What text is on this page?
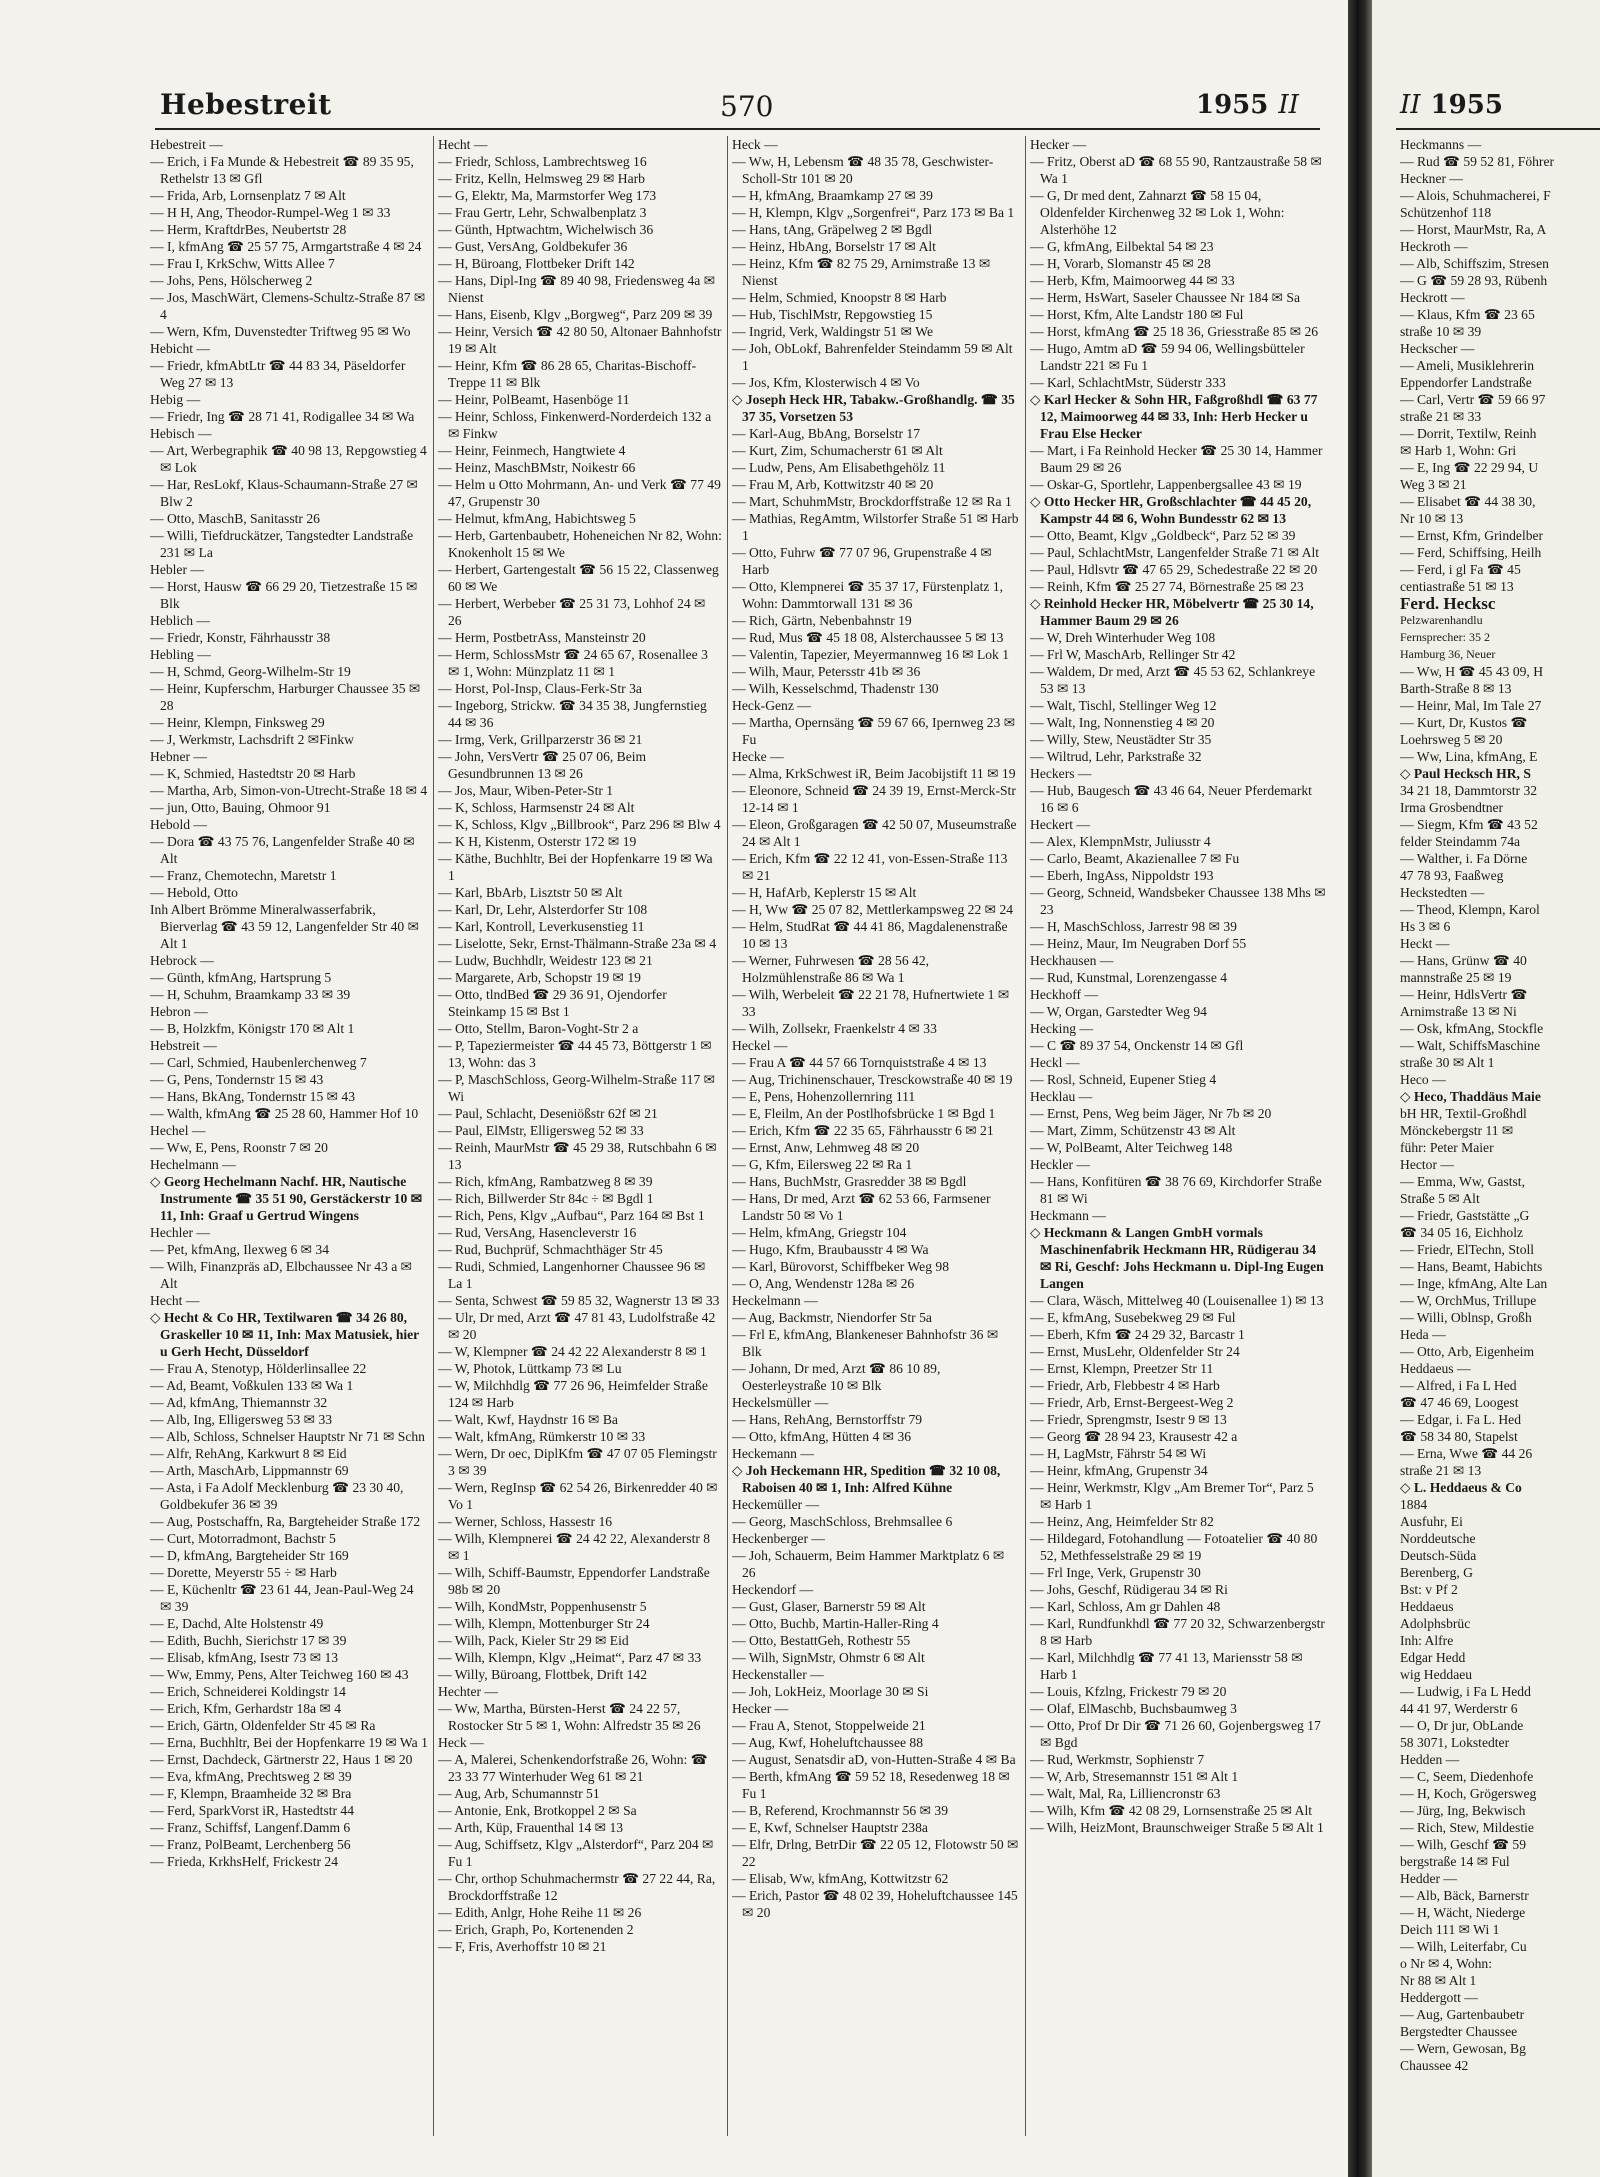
Hebestreit	570	1955 II

Hebestreit —

— Erich, i Fa Munde & Hebestreit ☎ 89 35 95, Rethelstr 13 ✉ Gfl

— Frida, Arb, Lornsenplatz 7 ✉ Alt

— H H, Ang, Theodor-Rumpel-Weg 1 ✉ 33

— Herm, KraftdrBes, Neubertstr 28

— I, kfmAng ☎ 25 57 75, Armgartstraße 4 ✉ 24

— Frau I, KrkSchw, Witts Allee 7

— Johs, Pens, Hölscherweg 2

— Jos, MaschWärt, Clemens-Schultz-Straße 87 ✉ 4

— Wern, Kfm, Duvenstedter Triftweg 95 ✉ Wo

Hebicht —

— Friedr, kfmAbtLtr ☎ 44 83 34, Päseldorfer Weg 27 ✉ 13

Hebig —

— Friedr, Ing ☎ 28 71 41, Rodigallee 34 ✉ Wa

Hebisch —

— Art, Werbegraphik ☎ 40 98 13, Repgowstieg 4 ✉ Lok

— Har, ResLokf, Klaus-Schaumann-Straße 27 ✉ Blw 2

— Otto, MaschB, Sanitasstr 26

— Willi, Tiefdruckätzer, Tangstedter Landstraße 231 ✉ La

Hebler —

— Horst, Hausw ☎ 66 29 20, Tietzestraße 15 ✉ Blk

Heblich —

— Friedr, Konstr, Fährhausstr 38

Hebling —

— H, Schmd, Georg-Wilhelm-Str 19

— Heinr, Kupferschm, Harburger Chaussee 35 ✉ 28

— Heinr, Klempn, Finksweg 29

— J, Werkmstr, Lachsdrift 2 ✉Finkw

Hebner —

— K, Schmied, Hastedtstr 20 ✉ Harb

— Martha, Arb, Simon-von-Utrecht-Straße 18 ✉ 4

— jun, Otto, Bauing, Ohmoor 91

Hebold —

— Dora ☎ 43 75 76, Langenfelder Straße 40 ✉ Alt

— Franz, Chemotechn, Maretstr 1

— Hebold, Otto

Inh Albert Brömme Mineralwasserfabrik, Bierverlag ☎ 43 59 12, Langenfelder Str 40 ✉ Alt 1

Hebrock —

— Günth, kfmAng, Hartsprung 5

— H, Schuhm, Braamkamp 33 ✉ 39

Hebron —

— B, Holzkfm, Königstr 170 ✉ Alt 1

Hebstreit —

— Carl, Schmied, Haubenlerchenweg 7

— G, Pens, Tondernstr 15 ✉ 43

— Hans, BkAng, Tondernstr 15 ✉ 43

— Walth, kfmAng ☎ 25 28 60, Hammer Hof 10

Hechel —

— Ww, E, Pens, Roonstr 7 ✉ 20

Hechelmann —

◇ Georg Hechelmann Nachf. HR, Nautische Instrumente ☎ 35 51 90, Gerstäckerstr 10 ✉ 11, Inh: Graaf u Gertrud Wingens

Hechler —

— Pet, kfmAng, Ilexweg 6 ✉ 34

— Wilh, Finanzpräs aD, Elbchaussee Nr 43 a ✉ Alt

Hecht —

◇ Hecht & Co HR, Textilwaren ☎ 34 26 80, Graskeller 10 ✉ 11, Inh: Max Matusiek, hier u Gerh Hecht, Düsseldorf

— Frau A, Stenotyp, Hölderlinsallee 22

— Ad, Beamt, Voßkulen 133 ✉ Wa 1

— Ad, kfmAng, Thiemannstr 32

— Alb, Ing, Elligersweg 53 ✉ 33

— Alb, Schloss, Schnelser Hauptstr Nr 71 ✉ Schn

— Alfr, RehAng, Karkwurt 8 ✉ Eid

— Arth, MaschArb, Lippmannstr 69

— Asta, i Fa Adolf Mecklenburg ☎ 23 30 40, Goldbekufer 36 ✉ 39

— Aug, Postschaffn, Ra, Bargteheider Straße 172

— Curt, Motorradmont, Bachstr 5

— D, kfmAng, Bargteheider Str 169

— Dorette, Meyerstr 55 ÷ ✉ Harb

— E, Küchenltr ☎ 23 61 44, Jean-Paul-Weg 24 ✉ 39

— E, Dachd, Alte Holstenstr 49

— Edith, Buchh, Sierichstr 17 ✉ 39

— Elisab, kfmAng, Isestr 73 ✉ 13

— Ww, Emmy, Pens, Alter Teichweg 160 ✉ 43

— Erich, Schneiderei Koldingstr 14

— Erich, Kfm, Gerhardstr 18a ✉ 4

— Erich, Gärtn, Oldenfelder Str 45 ✉ Ra

— Erna, Buchhltr, Bei der Hopfenkarre 19 ✉ Wa 1

— Ernst, Dachdeck, Gärtnerstr 22, Haus 1 ✉ 20

— Eva, kfmAng, Prechtsweg 2 ✉ 39

— F, Klempn, Braamheide 32 ✉ Bra

— Ferd, SparkVorst iR, Hastedtstr 44

— Franz, Schiffsf, Langenf.Damm 6

— Franz, PolBeamt, Lerchenberg 56

— Frieda, KrkhsHelf, Frickestr 24

Hecht —

— Friedr, Schloss, Lambrechtsweg 16

— Fritz, Kelln, Helmsweg 29 ✉ Harb

— G, Elektr, Ma, Marmstorfer Weg 173

— Frau Gertr, Lehr, Schwalbenplatz 3

— Günth, Hptwachtm, Wichelwisch 36

— Gust, VersAng, Goldbekufer 36

— H, Büroang, Flottbeker Drift 142

— Hans, Dipl-Ing ☎ 89 40 98, Friedensweg 4a ✉ Nienst

— Hans, Eisenb, Klgv „Borgweg“, Parz 209 ✉ 39

— Heinr, Versich ☎ 42 80 50, Altonaer Bahnhofstr 19 ✉ Alt

— Heinr, Kfm ☎ 86 28 65, Charitas-Bischoff-Treppe 11 ✉ Blk

— Heinr, PolBeamt, Hasenböge 11

— Heinr, Schloss, Finkenwerd-Norderdeich 132 a ✉ Finkw

— Heinr, Feinmech, Hangtwiete 4

— Heinz, MaschBMstr, Noikestr 66

— Helm u Otto Mohrmann, An- und Verk ☎ 77 49 47, Grupenstr 30

— Helmut, kfmAng, Habichtsweg 5

— Herb, Gartenbaubetr, Hoheneichen Nr 82, Wohn: Knokenholt 15 ✉ We

— Herbert, Gartengestalt ☎ 56 15 22, Classenweg 60 ✉ We

— Herbert, Werbeber ☎ 25 31 73, Lohhof 24 ✉ 26

— Herm, PostbetrAss, Mansteinstr 20

— Herm, SchlossMstr ☎ 24 65 67, Rosenallee 3 ✉ 1, Wohn: Münzplatz 11 ✉ 1

— Horst, Pol-Insp, Claus-Ferk-Str 3a

— Ingeborg, Strickw. ☎ 34 35 38, Jungfernstieg 44 ✉ 36

— Irmg, Verk, Grillparzerstr 36 ✉ 21

— John, VersVertr ☎ 25 07 06, Beim Gesundbrunnen 13 ✉ 26

— Jos, Maur, Wiben-Peter-Str 1

— K, Schloss, Harmsenstr 24 ✉ Alt

— K, Schloss, Klgv „Billbrook“, Parz 296 ✉ Blw 4

— K H, Kistenm, Osterstr 172 ✉ 19

— Käthe, Buchhltr, Bei der Hopfenkarre 19 ✉ Wa 1

— Karl, BbArb, Lisztstr 50 ✉ Alt

— Karl, Dr, Lehr, Alsterdorfer Str 108

— Karl, Kontroll, Leverkusenstieg 11

— Liselotte, Sekr, Ernst-Thälmann-Straße 23a ✉ 4

— Ludw, Buchhdlr, Weidestr 123 ✉ 21

— Margarete, Arb, Schopstr 19 ✉ 19

— Otto, tlndBed ☎ 29 36 91, Ojendorfer Steinkamp 15 ✉ Bst 1

— Otto, Stellm, Baron-Voght-Str 2 a

— P, Tapeziermeister ☎ 44 45 73, Böttgerstr 1 ✉ 13, Wohn: das 3

— P, MaschSchloss, Georg-Wilhelm-Straße 117 ✉ Wi

— Paul, Schlacht, Deseniößstr 62f ✉ 21

— Paul, ElMstr, Elligersweg 52 ✉ 33

— Reinh, MaurMstr ☎ 45 29 38, Rutschbahn 6 ✉ 13

— Rich, kfmAng, Rambatzweg 8 ✉ 39

— Rich, Billwerder Str 84c ÷ ✉ Bgdl 1

— Rich, Pens, Klgv „Aufbau“, Parz 164 ✉ Bst 1

— Rud, VersAng, Hasencleverstr 16

— Rud, Buchprüf, Schmachthäger Str 45

— Rudi, Schmied, Langenhorner Chaussee 96 ✉ La 1

— Senta, Schwest ☎ 59 85 32, Wagnerstr 13 ✉ 33

— Ulr, Dr med, Arzt ☎ 47 81 43, Ludolfstraße 42 ✉ 20

— W, Klempner ☎ 24 42 22 Alexanderstr 8 ✉ 1

— W, Photok, Lüttkamp 73 ✉ Lu

— W, Milchhdlg ☎ 77 26 96, Heimfelder Straße 124 ✉ Harb

— Walt, Kwf, Haydnstr 16 ✉ Ba

— Walt, kfmAng, Rümkerstr 10 ✉ 33

— Wern, Dr oec, DiplKfm ☎ 47 07 05 Flemingstr 3 ✉ 39

— Wern, RegInsp ☎ 62 54 26, Birkenredder 40 ✉ Vo 1

— Werner, Schloss, Hassestr 16

— Wilh, Klempnerei ☎ 24 42 22, Alexanderstr 8 ✉ 1

— Wilh, Schiff-Baumstr, Eppendorfer Landstraße 98b ✉ 20

— Wilh, KondMstr, Poppenhusenstr 5

— Wilh, Klempn, Mottenburger Str 24

— Wilh, Pack, Kieler Str 29 ✉ Eid

— Wilh, Klempn, Klgv „Heimat“, Parz 47 ✉ 33

— Willy, Büroang, Flottbek, Drift 142

Hechter —

— Ww, Martha, Bürsten-Herst ☎ 24 22 57, Rostocker Str 5 ✉ 1, Wohn: Alfredstr 35 ✉ 26

Heck —

— A, Malerei, Schenkendorfstraße 26, Wohn: ☎ 23 33 77 Winterhuder Weg 61 ✉ 21

— Aug, Arb, Schumannstr 51

— Antonie, Enk, Brotkoppel 2 ✉ Sa

— Arth, Küp, Frauenthal 14 ✉ 13

— Aug, Schiffsetz, Klgv „Alsterdorf“, Parz 204 ✉ Fu 1

— Chr, orthop Schuhmachermstr ☎ 27 22 44, Ra, Brockdorffstraße 12

— Edith, Anlgr, Hohe Reihe 11 ✉ 26

— Erich, Graph, Po, Kortenenden 2

— F, Fris, Averhoffstr 10 ✉ 21

Heck —

— Ww, H, Lebensm ☎ 48 35 78, Geschwister-Scholl-Str 101 ✉ 20

— H, kfmAng, Braamkamp 27 ✉ 39

— H, Klempn, Klgv „Sorgenfrei“, Parz 173 ✉ Ba 1

— Hans, tAng, Gräpelweg 2 ✉ Bgdl

— Heinz, HbAng, Borselstr 17 ✉ Alt

— Heinz, Kfm ☎ 82 75 29, Arnimstraße 13 ✉ Nienst

— Helm, Schmied, Knoopstr 8 ✉ Harb

— Hub, TischlMstr, Repgowstieg 15

— Ingrid, Verk, Waldingstr 51 ✉ We

— Joh, ObLokf, Bahrenfelder Steindamm 59 ✉ Alt 1

— Jos, Kfm, Klosterwisch 4 ✉ Vo

◇ Joseph Heck HR, Tabakw.-Großhandlg. ☎ 35 37 35, Vorsetzen 53

— Karl-Aug, BbAng, Borselstr 17

— Kurt, Zim, Schumacherstr 61 ✉ Alt

— Ludw, Pens, Am Elisabethgehölz 11

— Frau M, Arb, Kottwitzstr 40 ✉ 20

— Mart, SchuhmMstr, Brockdorffstraße 12 ✉ Ra 1

— Mathias, RegAmtm, Wilstorfer Straße 51 ✉ Harb 1

— Otto, Fuhrw ☎ 77 07 96, Grupenstraße 4 ✉ Harb

— Otto, Klempnerei ☎ 35 37 17, Fürstenplatz 1, Wohn: Dammtorwall 131 ✉ 36

— Rich, Gärtn, Nebenbahnstr 19

— Rud, Mus ☎ 45 18 08, Alsterchaussee 5 ✉ 13

— Valentin, Tapezier, Meyermannweg 16 ✉ Lok 1

— Wilh, Maur, Petersstr 41b ✉ 36

— Wilh, Kesselschmd, Thadenstr 130

Heck-Genz —

— Martha, Opernsäng ☎ 59 67 66, Ipernweg 23 ✉ Fu

Hecke —

— Alma, KrkSchwest iR, Beim Jacobijstift 11 ✉ 19

— Eleonore, Schneid ☎ 24 39 19, Ernst-Merck-Str 12-14 ✉ 1

— Eleon, Großgaragen ☎ 42 50 07, Museumstraße 24 ✉ Alt 1

— Erich, Kfm ☎ 22 12 41, von-Essen-Straße 113 ✉ 21

— H, HafArb, Keplerstr 15 ✉ Alt

— H, Ww ☎ 25 07 82, Mettlerkampsweg 22 ✉ 24

— Helm, StudRat ☎ 44 41 86, Magdalenenstraße 10 ✉ 13

— Werner, Fuhrwesen ☎ 28 56 42, Holzmühlenstraße 86 ✉ Wa 1

— Wilh, Werbeleit ☎ 22 21 78, Hufnertwiete 1 ✉ 33

— Wilh, Zollsekr, Fraenkelstr 4 ✉ 33

Heckel —

— Frau A ☎ 44 57 66 Tornquiststraße 4 ✉ 13

— Aug, Trichinenschauer, Tresckowstraße 40 ✉ 19

— E, Pens, Hohenzollernring 111

— E, Fleilm, An der Postlhofsbrücke 1 ✉ Bgd 1

— Erich, Kfm ☎ 22 35 65, Fährhausstr 6 ✉ 21

— Ernst, Anw, Lehmweg 48 ✉ 20

— G, Kfm, Eilersweg 22 ✉ Ra 1

— Hans, BuchMstr, Grasredder 38 ✉ Bgdl

— Hans, Dr med, Arzt ☎ 62 53 66, Farmsener Landstr 50 ✉ Vo 1

— Helm, kfmAng, Griegstr 104

— Hugo, Kfm, Braubausstr 4 ✉ Wa

— Karl, Bürovorst, Schiffbeker Weg 98

— O, Ang, Wendenstr 128a ✉ 26

Heckelmann —

— Aug, Backmstr, Niendorfer Str 5a

— Frl E, kfmAng, Blankeneser Bahnhofstr 36 ✉ Blk

— Johann, Dr med, Arzt ☎ 86 10 89, Oesterleystraße 10 ✉ Blk

Heckelsmüller —

— Hans, RehAng, Bernstorffstr 79

— Otto, kfmAng, Hütten 4 ✉ 36

Heckemann —

◇ Joh Heckemann HR, Spedition ☎ 32 10 08, Raboisen 40 ✉ 1, Inh: Alfred Kühne

Heckemüller —

— Georg, MaschSchloss, Brehmsallee 6

Heckenberger —

— Joh, Schauerm, Beim Hammer Marktplatz 6 ✉ 26

Heckendorf —

— Gust, Glaser, Barnerstr 59 ✉ Alt

— Otto, Buchb, Martin-Haller-Ring 4

— Otto, BestattGeh, Rothestr 55

— Wilh, SignMstr, Ohmstr 6 ✉ Alt

Heckenstaller —

— Joh, LokHeiz, Moorlage 30 ✉ Si

Hecker —

— Frau A, Stenot, Stoppelweide 21

— Aug, Kwf, Hoheluftchaussee 88

— August, Senatsdir aD, von-Hutten-Straße 4 ✉ Ba

— Berth, kfmAng ☎ 59 52 18, Resedenweg 18 ✉ Fu 1

— B, Referend, Krochmannstr 56 ✉ 39

— E, Kwf, Schnelser Hauptstr 238a

— Elfr, Drlng, BetrDir ☎ 22 05 12, Flotowstr 50 ✉ 22

— Elisab, Ww, kfmAng, Kottwitzstr 62

— Erich, Pastor ☎ 48 02 39, Hoheluftchaussee 145 ✉ 20

Hecker —

— Fritz, Oberst aD ☎ 68 55 90, Rantzaustraße 58 ✉ Wa 1

— G, Dr med dent, Zahnarzt ☎ 58 15 04, Oldenfelder Kirchenweg 32 ✉ Lok 1, Wohn: Alsterhöhe 12

— G, kfmAng, Eilbektal 54 ✉ 23

— H, Vorarb, Slomanstr 45 ✉ 28

— Herb, Kfm, Maimoorweg 44 ✉ 33

— Herm, HsWart, Saseler Chaussee Nr 184 ✉ Sa

— Horst, Kfm, Alte Landstr 180 ✉ Ful

— Horst, kfmAng ☎ 25 18 36, Griesstraße 85 ✉ 26

— Hugo, Amtm aD ☎ 59 94 06, Wellingsbütteler Landstr 221 ✉ Fu 1

— Karl, SchlachtMstr, Süderstr 333

◇ Karl Hecker & Sohn HR, Faßgroßhdl ☎ 63 77 12, Maimoorweg 44 ✉ 33, Inh: Herb Hecker u Frau Else Hecker

— Mart, i Fa Reinhold Hecker ☎ 25 30 14, Hammer Baum 29 ✉ 26

— Oskar-G, Sportlehr, Lappenbergsallee 43 ✉ 19

◇ Otto Hecker HR, Großschlachter ☎ 44 45 20, Kampstr 44 ✉ 6, Wohn Bundesstr 62 ✉ 13

— Otto, Beamt, Klgv „Goldbeck“, Parz 52 ✉ 39

— Paul, SchlachtMstr, Langenfelder Straße 71 ✉ Alt

— Paul, Hdlsvtr ☎ 47 65 29, Schedestraße 22 ✉ 20

— Reinh, Kfm ☎ 25 27 74, Börnestraße 25 ✉ 23

◇ Reinhold Hecker HR, Möbelvertr ☎ 25 30 14, Hammer Baum 29 ✉ 26

— W, Dreh Winterhuder Weg 108

— Frl W, MaschArb, Rellinger Str 42

— Waldem, Dr med, Arzt ☎ 45 53 62, Schlankreye 53 ✉ 13

— Walt, Tischl, Stellinger Weg 12

— Walt, Ing, Nonnenstieg 4 ✉ 20

— Willy, Stew, Neustädter Str 35

— Wiltrud, Lehr, Parkstraße 32

Heckers —

— Hub, Baugesch ☎ 43 46 64, Neuer Pferdemarkt 16 ✉ 6

Heckert —

— Alex, KlempnMstr, Juliusstr 4

— Carlo, Beamt, Akazienallee 7 ✉ Fu

— Eberh, IngAss, Nippoldstr 193

— Georg, Schneid, Wandsbeker Chaussee 138 Mhs ✉ 23

— H, MaschSchloss, Jarrestr 98 ✉ 39

— Heinz, Maur, Im Neugraben Dorf 55

Heckhausen —

— Rud, Kunstmal, Lorenzengasse 4

Heckhoff —

— W, Organ, Garstedter Weg 94

Hecking —

— C ☎ 89 37 54, Onckenstr 14 ✉ Gfl

Heckl —

— Rosl, Schneid, Eupener Stieg 4

Hecklau —

— Ernst, Pens, Weg beim Jäger, Nr 7b ✉ 20

— Mart, Zimm, Schützenstr 43 ✉ Alt

— W, PolBeamt, Alter Teichweg 148

Heckler —

— Hans, Konfitüren ☎ 38 76 69, Kirchdorfer Straße 81 ✉ Wi

Heckmann —

◇ Heckmann & Langen GmbH vormals Maschinenfabrik Heckmann HR, Rüdigerau 34 ✉ Ri, Geschf: Johs Heckmann u. Dipl-Ing Eugen Langen

— Clara, Wäsch, Mittelweg 40 (Louisenallee 1) ✉ 13

— E, kfmAng, Susebekweg 29 ✉ Ful

— Eberh, Kfm ☎ 24 29 32, Barcastr 1

— Ernst, MusLehr, Oldenfelder Str 24

— Ernst, Klempn, Preetzer Str 11

— Friedr, Arb, Flebbestr 4 ✉ Harb

— Friedr, Arb, Ernst-Bergeest-Weg 2

— Friedr, Sprengmstr, Isestr 9 ✉ 13

— Georg ☎ 28 94 23, Krausestr 42 a

— H, LagMstr, Fährstr 54 ✉ Wi

— Heinr, kfmAng, Grupenstr 34

— Heinr, Werkmstr, Klgv „Am Bremer Tor“, Parz 5 ✉ Harb 1

— Heinz, Ang, Heimfelder Str 82

— Hildegard, Fotohandlung — Fotoatelier ☎ 40 80 52, Methfesselstraße 29 ✉ 19

— Frl Inge, Verk, Grupenstr 30

— Johs, Geschf, Rüdigerau 34 ✉ Ri

— Karl, Schloss, Am gr Dahlen 48

— Karl, Rundfunkhdl ☎ 77 20 32, Schwarzenbergstr 8 ✉ Harb

— Karl, Milchhdlg ☎ 77 41 13, Mariensstr 58 ✉ Harb 1

— Louis, Kfzlng, Frickestr 79 ✉ 20

— Olaf, ElMaschb, Buchsbaumweg 3

— Otto, Prof Dr Dir ☎ 71 26 60, Gojenbergsweg 17 ✉ Bgd

— Rud, Werkmstr, Sophienstr 7

— W, Arb, Stresemannstr 151 ✉ Alt 1

— Walt, Mal, Ra, Lilliencronstr 63

— Wilh, Kfm ☎ 42 08 29, Lornsenstraße 25 ✉ Alt

— Wilh, HeizMont, Braunschweiger Straße 5 ✉ Alt 1

II 1955

Heckmanns —

— Rud ☎ 59 52 81, Föhrer

Heckner —

— Alois, Schuhmacherei, F

Schützenhof 118

— Horst, MaurMstr, Ra, A

Heckroth —

— Alb, Schiffszim, Stresen

— G ☎ 59 28 93, Rübenh

Heckrott —

— Klaus, Kfm ☎ 23 65

straße 10 ✉ 39

Heckscher —

— Ameli, Musiklehrerin

Eppendorfer Landstraße

— Carl, Vertr ☎ 59 66 97

straße 21 ✉ 33

— Dorrit, Textilw, Reinh

✉ Harb 1, Wohn: Gri

— E, Ing ☎ 22 29 94, U

Weg 3 ✉ 21

— Elisabet ☎ 44 38 30,

Nr 10 ✉ 13

— Ernst, Kfm, Grindelber

— Ferd, Schiffsing, Heilh

— Ferd, i gl Fa ☎ 45

centiastraße 51 ✉ 13

Ferd. Hecksc

Pelzwarenhandlu

Fernsprecher: 35 2

Hamburg 36, Neuer

— Ww, H ☎ 45 43 09, H

Barth-Straße 8 ✉ 13

— Heinr, Mal, Im Tale 27

— Kurt, Dr, Kustos ☎

Loehrsweg 5 ✉ 20

— Ww, Lina, kfmAng, E

◇ Paul Hecksch HR, S

34 21 18, Dammtorstr 32

Irma Grosbendtner

— Siegm, Kfm ☎ 43 52

felder Steindamm 74a

— Walther, i. Fa Dörne

47 78 93, Faaßweg

Heckstedten —

— Theod, Klempn, Karol

Hs 3 ✉ 6

Heckt —

— Hans, Grünw ☎ 40

mannstraße 25 ✉ 19

— Heinr, HdlsVertr ☎

Arnimstraße 13 ✉ Ni

— Osk, kfmAng, Stockfle

— Walt, SchiffsMaschine

straße 30 ✉ Alt 1

Heco —

◇ Heco, Thaddäus Maie

bH HR, Textil-Großhdl

Mönckebergstr 11 ✉

führ: Peter Maier

Hector —

— Emma, Ww, Gastst,

Straße 5 ✉ Alt

— Friedr, Gaststätte „G

☎ 34 05 16, Eichholz

— Friedr, ElTechn, Stoll

— Hans, Beamt, Habichts

— Inge, kfmAng, Alte Lan

— W, OrchMus, Trillupe

— Willi, Oblnsp, Großh

Heda —

— Otto, Arb, Eigenheim

Heddaeus —

— Alfred, i Fa L Hed

☎ 47 46 69, Loogest

— Edgar, i. Fa L. Hed

☎ 58 34 80, Stapelst

— Erna, Wwe ☎ 44 26

straße 21 ✉ 13

◇ L. Heddaeus & Co

1884

Ausfuhr, Ei

Norddeutsche

Deutsch-Süda

Berenberg, G

Bst: v Pf 2

Heddaeus

Adolphsbrüc

Inh: Alfre

Edgar Hedd

wig Heddaeu

— Ludwig, i Fa L Hedd

44 41 97, Werderstr 6

— O, Dr jur, ObLande

58 3071, Lokstedter

Hedden —

— C, Seem, Diedenhofe

— H, Koch, Grögersweg

— Jürg, Ing, Bekwisch

— Rich, Stew, Mildestie

— Wilh, Geschf ☎ 59

bergstraße 14 ✉ Ful

Hedder —

— Alb, Bäck, Barnerstr

— H, Wächt, Niederge

Deich 111 ✉ Wi 1

— Wilh, Leiterfabr, Cu

o Nr ✉ 4, Wohn:

Nr 88 ✉ Alt 1

Heddergott —

— Aug, Gartenbaubetr

Bergstedter Chaussee

— Wern, Gewosan, Bg

Chaussee 42
